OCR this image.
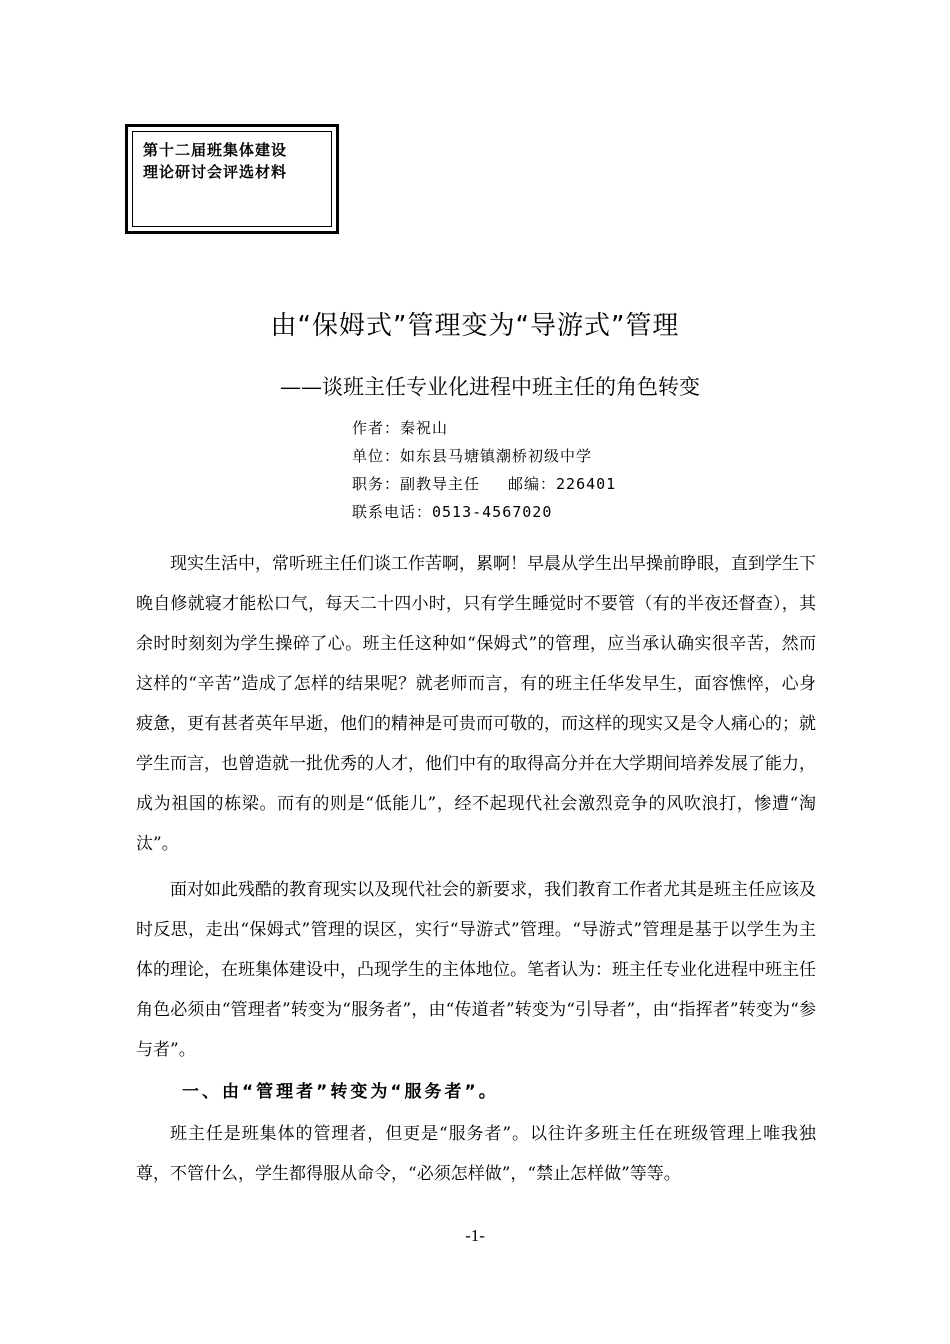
第十二届班集体建设
理论研讨会评选材料
由“保姆式”管理变为“导游式”管理
——谈班主任专业化进程中班主任的角色转变
作者：秦祝山
单位：如东县马塘镇潮桥初级中学
职务：副教导主任 邮编：226401
联系电话：0513-4567020

现实生活中，常听班主任们谈工作苦啊，累啊！早晨从学生出早操前睁眼，直到学生下晚自修就寝才能松口气，每天二十四小时，只有学生睡觉时不要管（有的半夜还督查），其余时时刻刻为学生操碎了心。班主任这种如“保姆式”的管理，应当承认确实很辛苦，然而这样的“辛苦”造成了怎样的结果呢？就老师而言，有的班主任华发早生，面容憔悴，心身疲惫，更有甚者英年早逝，他们的精神是可贵而可敬的，而这样的现实又是令人痛心的；就学生而言，也曾造就一批优秀的人才，他们中有的取得高分并在大学期间培养发展了能力，成为祖国的栋梁。而有的则是“低能儿”，经不起现代社会激烈竞争的风吹浪打，惨遭“淘汰”。

面对如此残酷的教育现实以及现代社会的新要求，我们教育工作者尤其是班主任应该及时反思，走出“保姆式”管理的误区，实行“导游式”管理。“导游式”管理是基于以学生为主体的理论，在班集体建设中，凸现学生的主体地位。笔者认为：班主任专业化进程中班主任角色必须由“管理者”转变为“服务者”，由“传道者”转变为“引导者”，由“指挥者”转变为“参与者”。

一、由“管理者”转变为“服务者”。

班主任是班集体的管理者，但更是“服务者”。以往许多班主任在班级管理上唯我独尊，不管什么，学生都得服从命令，“必须怎样做”，“禁止怎样做”等等。

-1-
